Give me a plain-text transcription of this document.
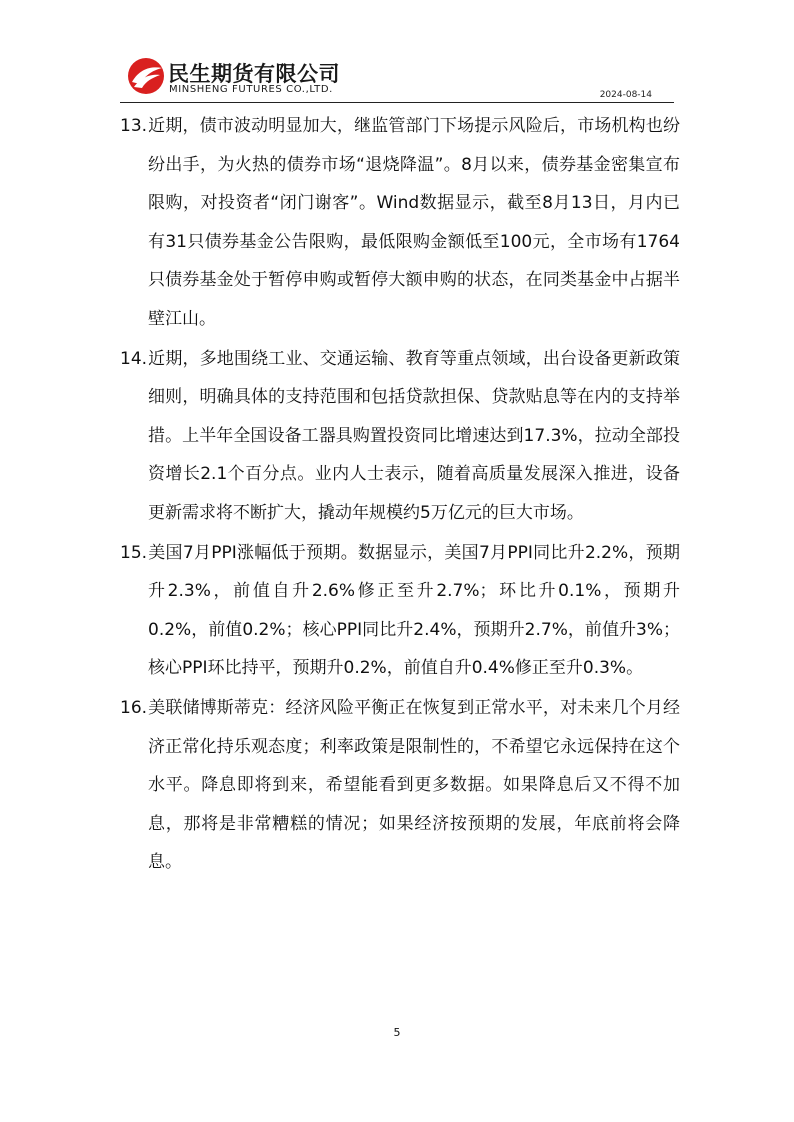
民生期货有限公司
MINSHENG FUTURES CO.,LTD.	2024-08-14

13.近期，债市波动明显加大，继监管部门下场提示风险后，市场机构也纷纷出手，为火热的债券市场“退烧降温”。8月以来，债券基金密集宣布限购，对投资者“闭门谢客”。Wind数据显示，截至8月13日，月内已有31只债券基金公告限购，最低限购金额低至100元，全市场有1764只债券基金处于暂停申购或暂停大额申购的状态，在同类基金中占据半壁江山。

14.近期，多地围绕工业、交通运输、教育等重点领域，出台设备更新政策细则，明确具体的支持范围和包括贷款担保、贷款贴息等在内的支持举措。上半年全国设备工器具购置投资同比增速达到17.3%，拉动全部投资增长2.1个百分点。业内人士表示，随着高质量发展深入推进，设备更新需求将不断扩大，撬动年规模约5万亿元的巨大市场。

15.美国7月PPI涨幅低于预期。数据显示，美国7月PPI同比升2.2%，预期升2.3%，前值自升2.6%修正至升2.7%；环比升0.1%，预期升0.2%，前值0.2%；核心PPI同比升2.4%，预期升2.7%，前值升3%；核心PPI环比持平，预期升0.2%，前值自升0.4%修正至升0.3%。

16.美联储博斯蒂克：经济风险平衡正在恢复到正常水平，对未来几个月经济正常化持乐观态度；利率政策是限制性的，不希望它永远保持在这个水平。降息即将到来，希望能看到更多数据。如果降息后又不得不加息，那将是非常糟糕的情况；如果经济按预期的发展，年底前将会降息。

5
